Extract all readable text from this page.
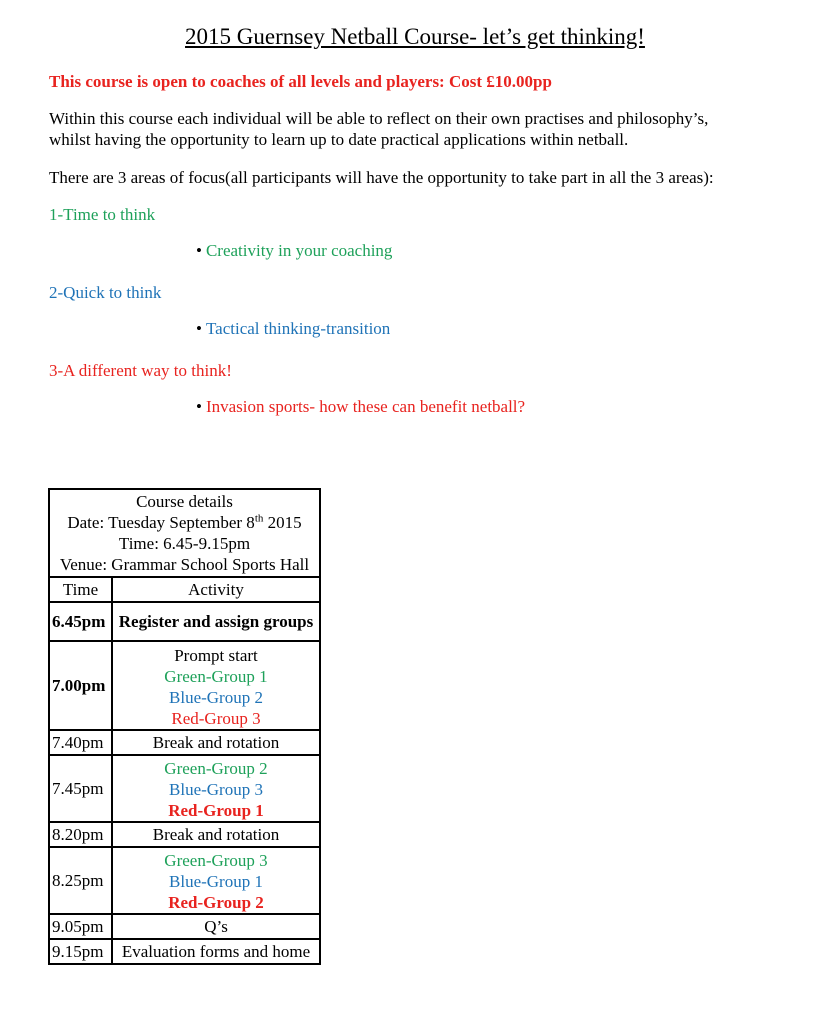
2015 Guernsey Netball Course- let’s get thinking!

This course is open to coaches of all levels and players: Cost £10.00pp

Within this course each individual will be able to reflect on their own practises and philosophy’s,

whilst having the opportunity to learn up to date practical applications within netball.

There are 3 areas of focus(all participants will have the opportunity to take part in all the 3 areas):

1-Time to think

• Creativity in your coaching

2-Quick to think

• Tactical thinking-transition

3-A different way to think!

• Invasion sports- how these can benefit netball?
Course details
Date: Tuesday September 8th 2015
Time: 6.45-9.15pm
Venue: Grammar School Sports Hall	

Time	Activity
6.45pm	Register and assign groups
7.00pm	Prompt start
Green-Group 1
Blue-Group 2
Red-Group 3

7.40pm	Break and rotation
7.45pm	Green-Group 2
Blue-Group 3
Red-Group 1

8.20pm	Break and rotation
8.25pm	Green-Group 3
Blue-Group 1
Red-Group 2

9.05pm	Q’s
9.15pm	Evaluation forms and home
